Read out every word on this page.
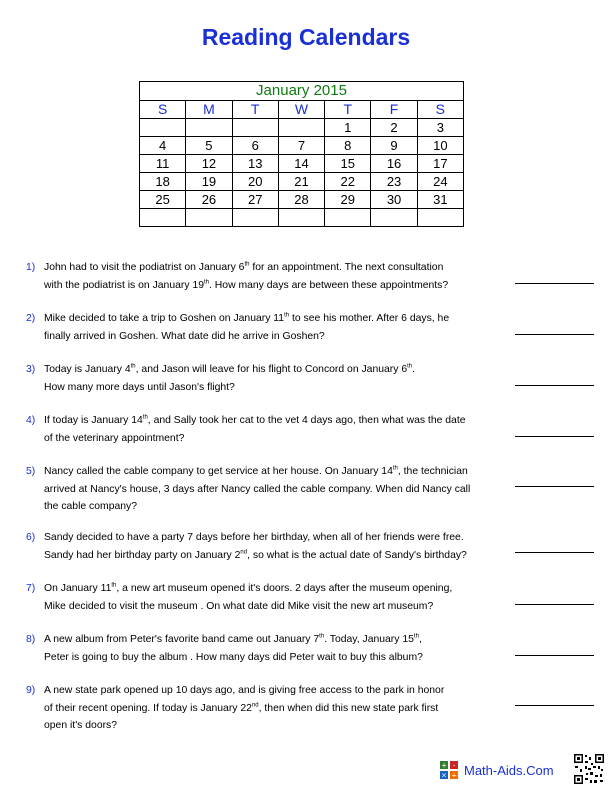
Reading Calendars
January 2015						
S	M	T	W	T	F	S
				1	2	3
4	5	6	7	8	9	10
11	12	13	14	15	16	17
18	19	20	21	22	23	24
25	26	27	28	29	30	31

1) John had to visit the podiatrist on January 6th for an appointment. The next consultation
with the podiatrist is on January 19th. How many days are between these appointments?
2) Mike decided to take a trip to Goshen on January 11th to see his mother. After 6 days, he
finally arrived in Goshen. What date did he arrive in Goshen?
3) Today is January 4th, and Jason will leave for his flight to Concord on January 6th.
How many more days until Jason's flight?
4) If today is January 14th, and Sally took her cat to the vet 4 days ago, then what was the date
of the veterinary appointment?
5) Nancy called the cable company to get service at her house. On January 14th, the technician
arrived at Nancy's house, 3 days after Nancy called the cable company. When did Nancy call
the cable company?
6) Sandy decided to have a party 7 days before her birthday, when all of her friends were free.
Sandy had her birthday party on January 2nd, so what is the actual date of Sandy's birthday?
7) On January 11th, a new art museum opened it's doors. 2 days after the museum opening,
Mike decided to visit the museum . On what date did Mike visit the new art museum?
8) A new album from Peter's favorite band came out January 7th. Today, January 15th,
Peter is going to buy the album . How many days did Peter wait to buy this album?
9) A new state park opened up 10 days ago, and is giving free access to the park in honor
of their recent opening. If today is January 22nd, then when did this new state park first
open it's doors?
+ -
× ÷ Math-Aids.Com
